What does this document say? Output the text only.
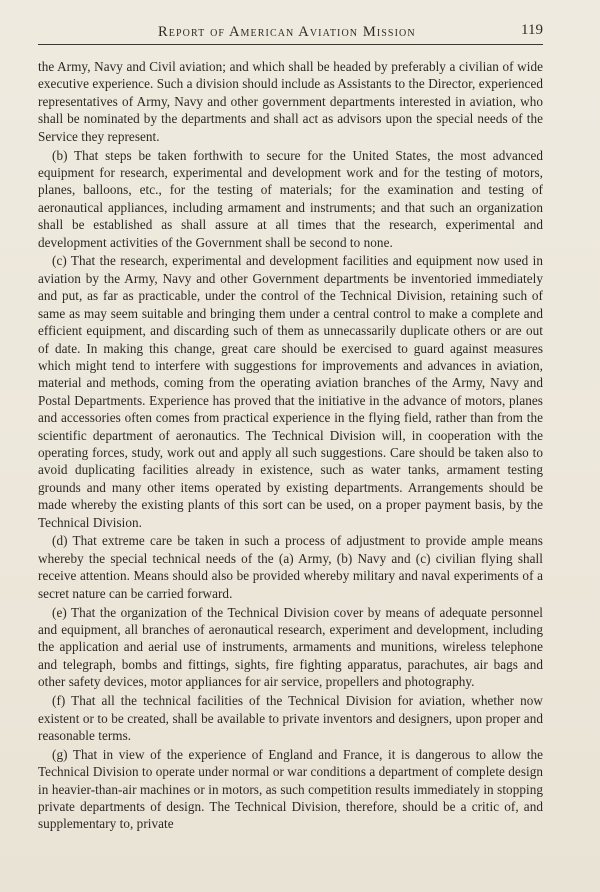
Report of American Aviation Mission	119

the Army, Navy and Civil aviation; and which shall be headed by preferably a civilian of wide executive experience. Such a division should include as Assistants to the Director, experienced representatives of Army, Navy and other government departments interested in aviation, who shall be nominated by the departments and shall act as advisors upon the special needs of the Service they represent.

(b) That steps be taken forthwith to secure for the United States, the most advanced equipment for research, experimental and development work and for the testing of motors, planes, balloons, etc., for the testing of materials; for the examination and testing of aeronautical appliances, including armament and instruments; and that such an organization shall be established as shall assure at all times that the research, experimental and development activities of the Government shall be second to none.

(c) That the research, experimental and development facilities and equipment now used in aviation by the Army, Navy and other Government departments be inventoried immediately and put, as far as practicable, under the control of the Technical Division, retaining such of same as may seem suitable and bringing them under a central control to make a complete and efficient equipment, and discarding such of them as unnecassarily duplicate others or are out of date. In making this change, great care should be exercised to guard against measures which might tend to interfere with suggestions for improvements and advances in aviation, material and methods, coming from the operating aviation branches of the Army, Navy and Postal Departments. Experience has proved that the initiative in the advance of motors, planes and accessories often comes from practical experience in the flying field, rather than from the scientific department of aeronautics. The Technical Division will, in cooperation with the operating forces, study, work out and apply all such suggestions. Care should be taken also to avoid duplicating facilities already in existence, such as water tanks, armament testing grounds and many other items operated by existing departments. Arrangements should be made whereby the existing plants of this sort can be used, on a proper payment basis, by the Technical Division.

(d) That extreme care be taken in such a process of adjustment to provide ample means whereby the special technical needs of the (a) Army, (b) Navy and (c) civilian flying shall receive attention. Means should also be provided whereby military and naval experiments of a secret nature can be carried forward.

(e) That the organization of the Technical Division cover by means of adequate personnel and equipment, all branches of aeronautical research, experiment and development, including the application and aerial use of instruments, armaments and munitions, wireless telephone and telegraph, bombs and fittings, sights, fire fighting apparatus, parachutes, air bags and other safety devices, motor appliances for air service, propellers and photography.

(f) That all the technical facilities of the Technical Division for aviation, whether now existent or to be created, shall be available to private inventors and designers, upon proper and reasonable terms.

(g) That in view of the experience of England and France, it is dangerous to allow the Technical Division to operate under normal or war conditions a department of complete design in heavier-than-air machines or in motors, as such competition results immediately in stopping private departments of design. The Technical Division, therefore, should be a critic of, and supplementary to, private
